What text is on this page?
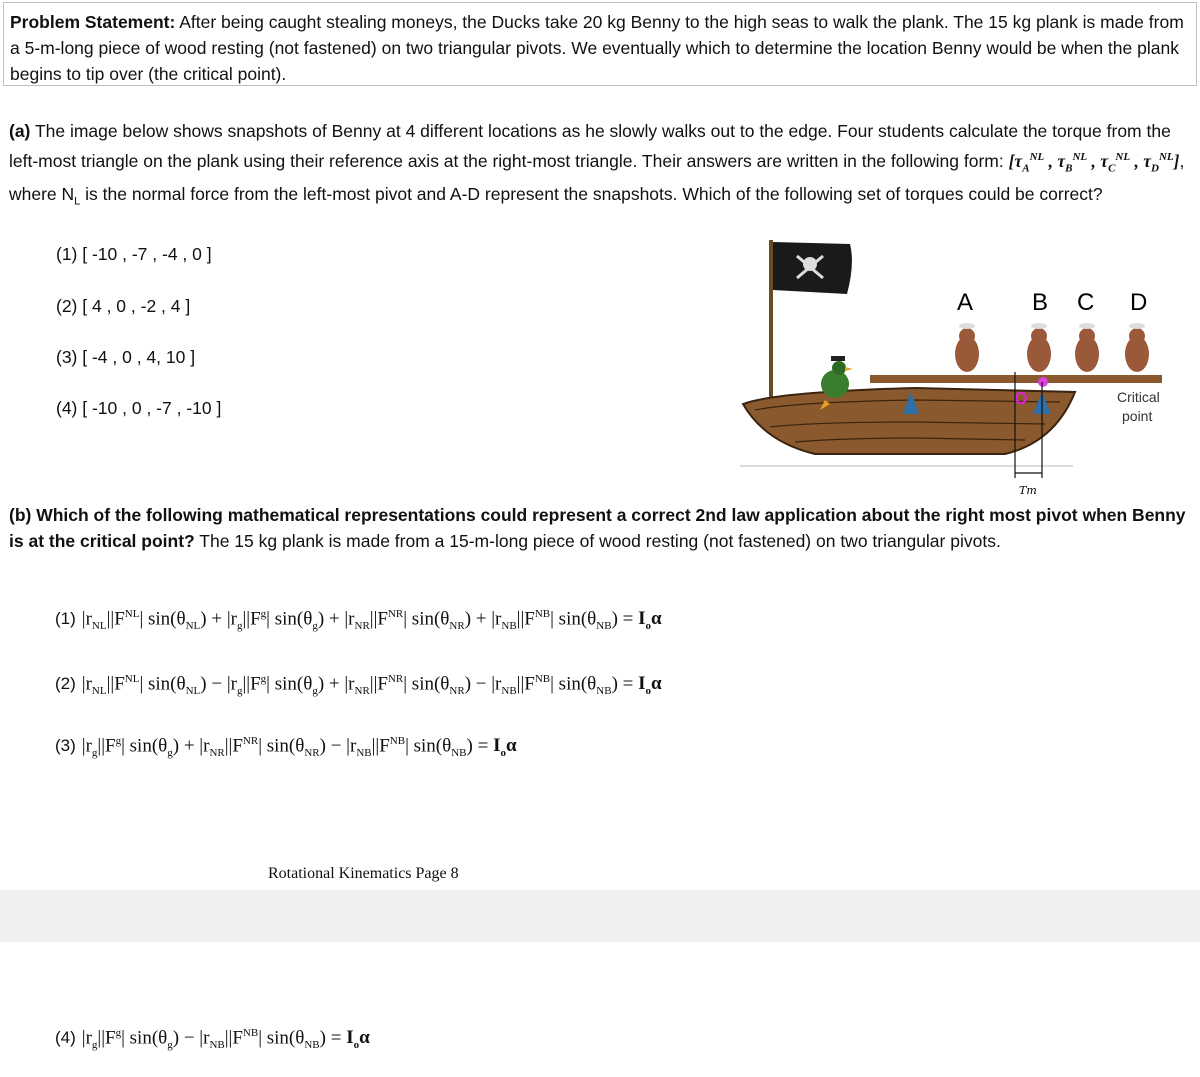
Problem Statement: After being caught stealing moneys, the Ducks take 20 kg Benny to the high seas to walk the plank. The 15 kg plank is made from a 5-m-long piece of wood resting (not fastened) on two triangular pivots. We eventually which to determine the location Benny would be when the plank begins to tip over (the critical point).
(a) The image below shows snapshots of Benny at 4 different locations as he slowly walks out to the edge. Four students calculate the torque from the left-most triangle on the plank using their reference axis at the right-most triangle. Their answers are written in the following form: [$\tau_A^{NL}$ , $\tau_B^{NL}$ , $\tau_C^{NL}$ , $\tau_D^{NL}$], where $N_L$ is the normal force from the left-most pivot and A-D represent the snapshots. Which of the following set of torques could be correct?
(1) [ -10 , -7 , -4 , 0 ]
(2) [ 4 , 0 , -2 , 4 ]
(3) [ -4 , 0 , 4, 10 ]
(4) [ -10 , 0 , -7 , -10 ]
Tm
A B C D
Critical
point
(b) Which of the following mathematical representations could represent a correct 2nd law application about the right most pivot when Benny is at the critical point? The 15 kg plank is made from a 15-m-long piece of wood resting (not fastened) on two triangular pivots.
(1) $|r_{NL}||F^{NL}|$ $\sin(\theta_{NL}) + |r_g||F^g|$ $\sin(\theta_g) + |r_{NR}||F^{NR}|$ $\sin(\theta_{NR}) + |r_{NB}||F^{NB}|$ $\sin(\theta_{NB}) = I_o\alpha$
(2) $|r_{NL}||F^{NL}|$ $\sin(\theta_{NL}) - |r_g||F^g|$ $\sin(\theta_g) + |r_{NR}||F^{NR}|$ $\sin(\theta_{NR}) - |r_{NB}||F^{NB}|$ $\sin(\theta_{NB}) = I_o\alpha$
(3) $|r_g||F^g|$ $\sin(\theta_g) + |r_{NR}||F^{NR}|$ $\sin(\theta_{NR}) - |r_{NB}||F^{NB}|$ $\sin(\theta_{NB}) = I_o\alpha$
Rotational Kinematics Page 8
(4) $|r_g||F^g|$ $\sin(\theta_g) - |r_{NB}||F^{NB}|$ $\sin(\theta_{NB}) = I_o\alpha$
